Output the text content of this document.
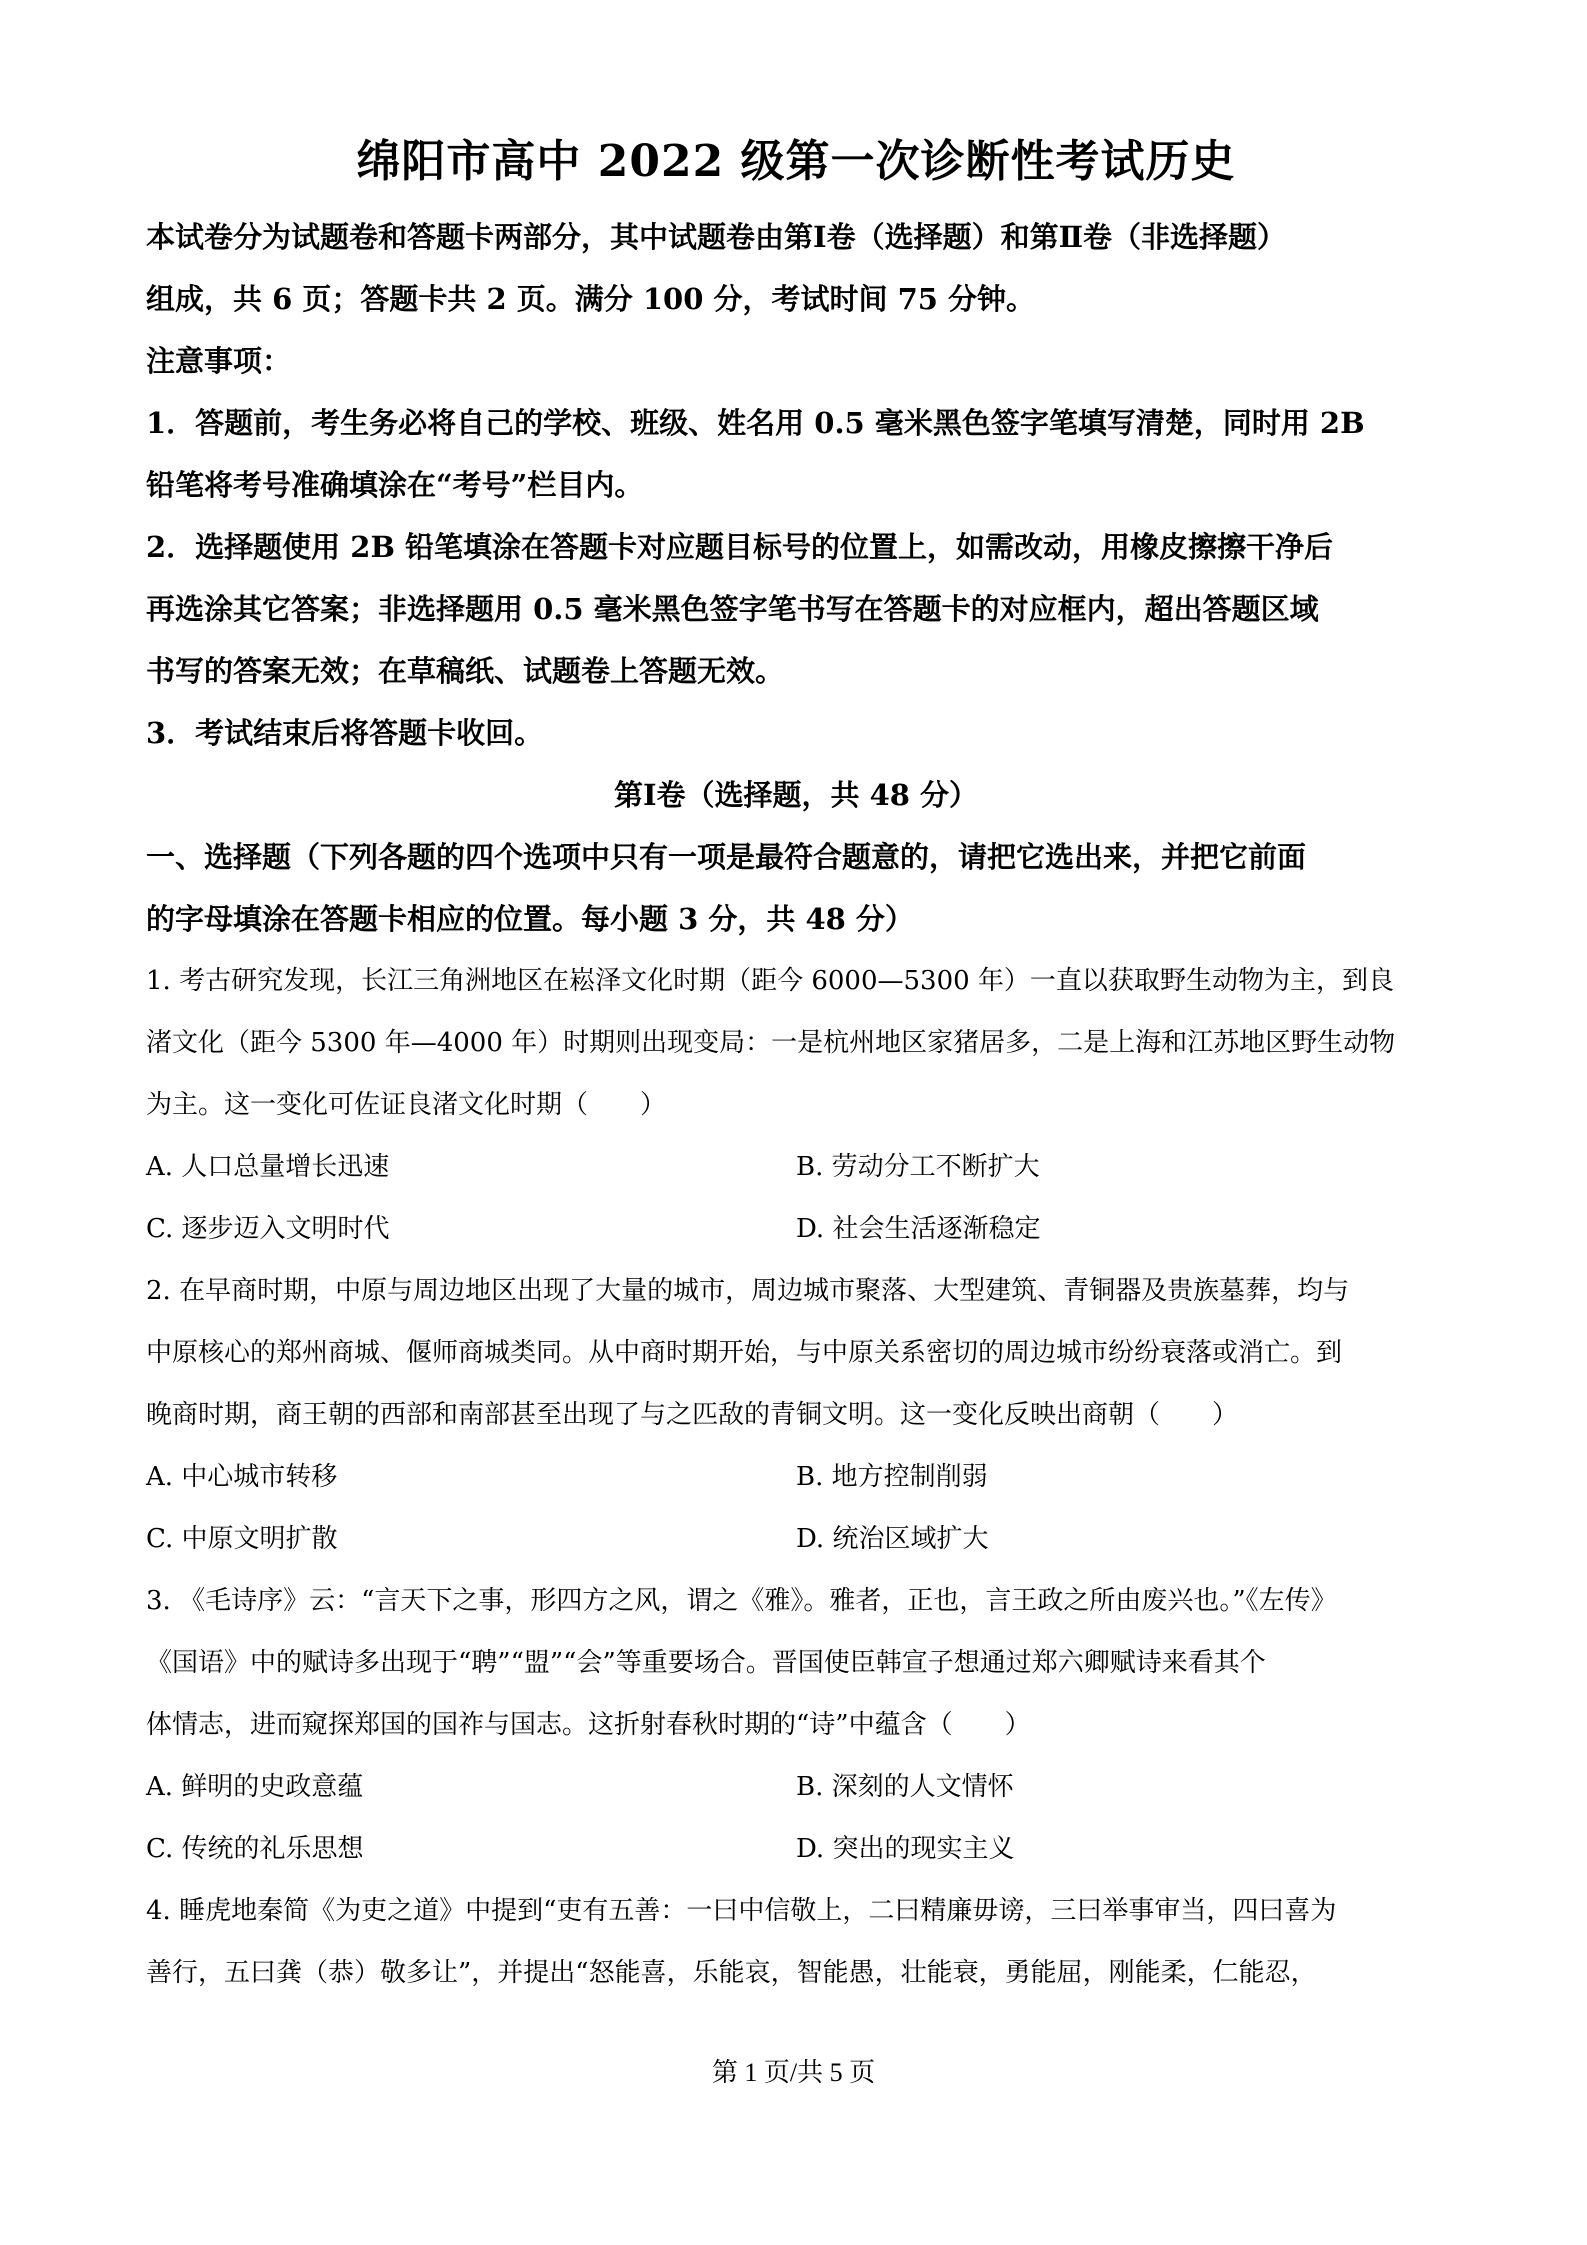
绵阳市高中 2022 级第一次诊断性考试历史

本试卷分为试题卷和答题卡两部分，其中试题卷由第Ⅰ卷（选择题）和第Ⅱ卷（非选择题）

组成，共 6 页；答题卡共 2 页。满分 100 分，考试时间 75 分钟。

注意事项：

1．答题前，考生务必将自己的学校、班级、姓名用 0.5 毫米黑色签字笔填写清楚，同时用 2B

铅笔将考号准确填涂在“考号”栏目内。

2．选择题使用 2B 铅笔填涂在答题卡对应题目标号的位置上，如需改动，用橡皮擦擦干净后

再选涂其它答案；非选择题用 0.5 毫米黑色签字笔书写在答题卡的对应框内，超出答题区域

书写的答案无效；在草稿纸、试题卷上答题无效。

3．考试结束后将答题卡收回。

第Ⅰ卷（选择题，共 48 分）

一、选择题（下列各题的四个选项中只有一项是最符合题意的，请把它选出来，并把它前面

的字母填涂在答题卡相应的位置。每小题 3 分，共 48 分）

1. 考古研究发现，长江三角洲地区在崧泽文化时期（距今 6000—5300 年）一直以获取野生动物为主，到良

渚文化（距今 5300 年—4000 年）时期则出现变局：一是杭州地区家猪居多，二是上海和江苏地区野生动物

为主。这一变化可佐证良渚文化时期（　　）

A. 人口总量增长迅速	B. 劳动分工不断扩大
C. 逐步迈入文明时代	D. 社会生活逐渐稳定

2. 在早商时期，中原与周边地区出现了大量的城市，周边城市聚落、大型建筑、青铜器及贵族墓葬，均与

中原核心的郑州商城、偃师商城类同。从中商时期开始，与中原关系密切的周边城市纷纷衰落或消亡。到

晚商时期，商王朝的西部和南部甚至出现了与之匹敌的青铜文明。这一变化反映出商朝（　　）

A. 中心城市转移	B. 地方控制削弱
C. 中原文明扩散	D. 统治区域扩大

3. 《毛诗序》云：“言天下之事，形四方之风，谓之《雅》。雅者，正也，言王政之所由废兴也。”《左传》

《国语》中的赋诗多出现于“聘”“盟”“会”等重要场合。晋国使臣韩宣子想通过郑六卿赋诗来看其个

体情志，进而窥探郑国的国祚与国志。这折射春秋时期的“诗”中蕴含（　　）

A. 鲜明的史政意蕴	B. 深刻的人文情怀
C. 传统的礼乐思想	D. 突出的现实主义

4. 睡虎地秦简《为吏之道》中提到“吏有五善：一曰中信敬上，二曰精廉毋谤，三曰举事审当，四曰喜为

善行，五曰龚（恭）敬多让”，并提出“怒能喜，乐能哀，智能愚，壮能衰，勇能屈，刚能柔，仁能忍，

第 1 页/共 5 页
